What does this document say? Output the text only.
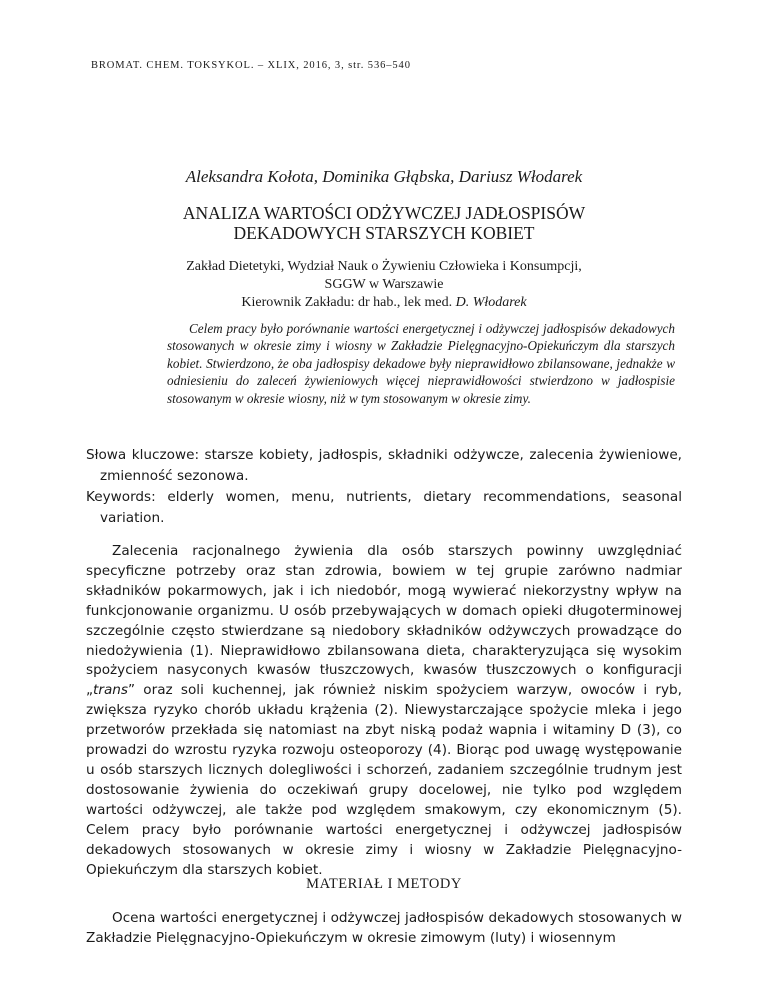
BROMAT. CHEM. TOKSYKOL. – XLIX, 2016, 3, str. 536–540
Aleksandra Kołota, Dominika Głąbska, Dariusz Włodarek
ANALIZA WARTOŚCI ODŻYWCZEJ JADŁOSPISÓW
DEKADOWYCH STARSZYCH KOBIET
Zakład Dietetyki, Wydział Nauk o Żywieniu Człowieka i Konsumpcji,
SGGW w Warszawie
Kierownik Zakładu: dr hab., lek med. D. Włodarek
Celem pracy było porównanie wartości energetycznej i odżywczej jadłospisów dekadowych stosowanych w okresie zimy i wiosny w Zakładzie Pielęgnacyjno-Opiekuńczym dla starszych kobiet. Stwierdzono, że oba jadłospisy dekadowe były nieprawidłowo zbilansowane, jednakże w odniesieniu do zaleceń żywieniowych więcej nieprawidłowości stwierdzono w jadłospisie stosowanym w okresie wiosny, niż w tym stosowanym w okresie zimy.
Słowa kluczowe: starsze kobiety, jadłospis, składniki odżywcze, zalecenia żywieniowe, zmienność sezonowa.
Keywords: elderly women, menu, nutrients, dietary recommendations, seasonal variation.
Zalecenia racjonalnego żywienia dla osób starszych powinny uwzględniać specyficzne potrzeby oraz stan zdrowia, bowiem w tej grupie zarówno nadmiar składników pokarmowych, jak i ich niedobór, mogą wywierać niekorzystny wpływ na funkcjonowanie organizmu. U osób przebywających w domach opieki długoterminowej szczególnie często stwierdzane są niedobory składników odżywczych prowadzące do niedożywienia (1). Nieprawidłowo zbilansowana dieta, charakteryzująca się wysokim spożyciem nasyconych kwasów tłuszczowych, kwasów tłuszczowych o konfiguracji „trans” oraz soli kuchennej, jak również niskim spożyciem warzyw, owoców i ryb, zwiększa ryzyko chorób układu krążenia (2). Niewystarczające spożycie mleka i jego przetworów przekłada się natomiast na zbyt niską podaż wapnia i witaminy D (3), co prowadzi do wzrostu ryzyka rozwoju osteoporozy (4). Biorąc pod uwagę występowanie u osób starszych licznych dolegliwości i schorzeń, zadaniem szczególnie trudnym jest dostosowanie żywienia do oczekiwań grupy docelowej, nie tylko pod względem wartości odżywczej, ale także pod względem smakowym, czy ekonomicznym (5). Celem pracy było porównanie wartości energetycznej i odżywczej jadłospisów dekadowych stosowanych w okresie zimy i wiosny w Zakładzie Pielęgnacyjno-Opiekuńczym dla starszych kobiet.
MATERIAŁ I METODY
Ocena wartości energetycznej i odżywczej jadłospisów dekadowych stosowanych w Zakładzie Pielęgnacyjno-Opiekuńczym w okresie zimowym (luty) i wiosennym
